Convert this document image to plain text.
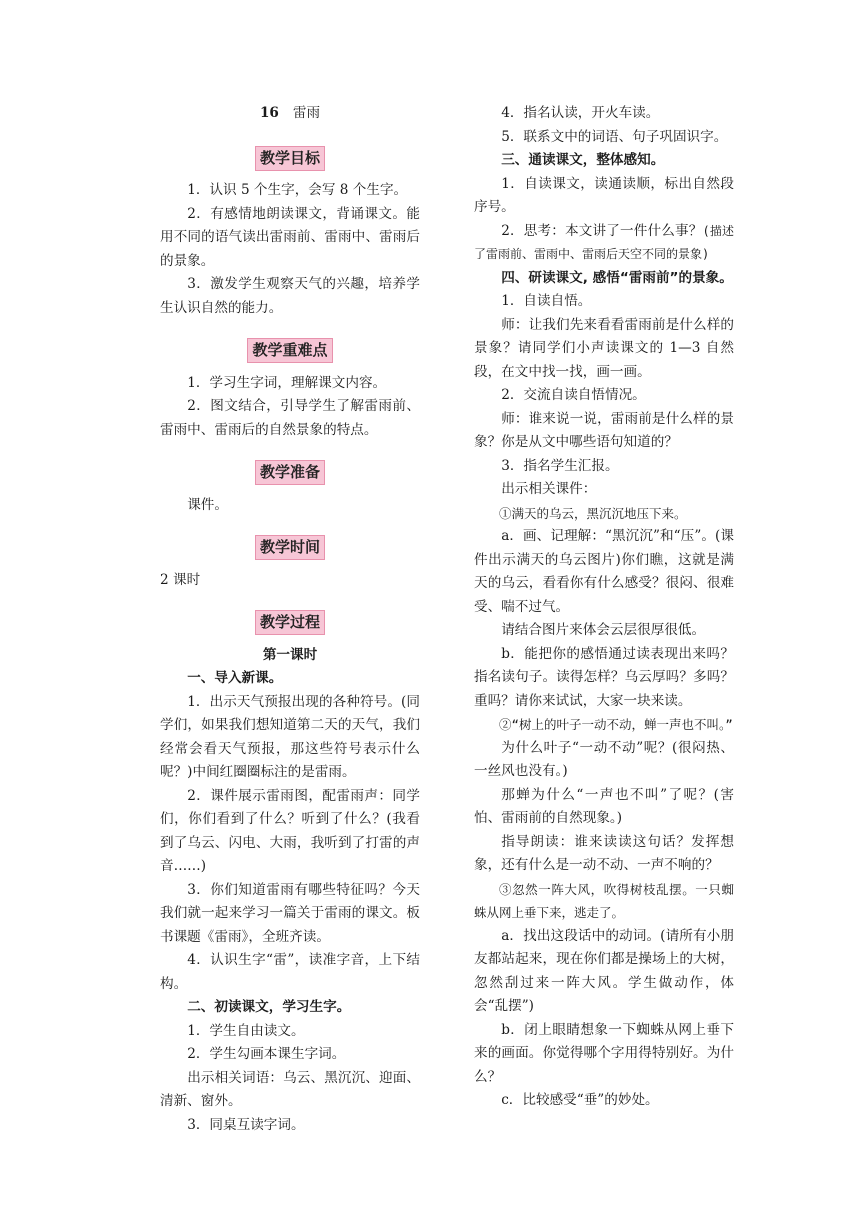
16 雷雨

教学目标

1．认识 5 个生字，会写 8 个生字。

2．有感情地朗读课文，背诵课文。能用不同的语气读出雷雨前、雷雨中、雷雨后的景象。

3．激发学生观察天气的兴趣，培养学生认识自然的能力。

教学重难点

1．学习生字词，理解课文内容。

2．图文结合，引导学生了解雷雨前、雷雨中、雷雨后的自然景象的特点。

教学准备

课件。

教学时间

2 课时

教学过程

第一课时

一、导入新课。

1．出示天气预报出现的各种符号。(同学们，如果我们想知道第二天的天气，我们经常会看天气预报，那这些符号表示什么呢？)中间红圈圈标注的是雷雨。

2．课件展示雷雨图，配雷雨声：同学们，你们看到了什么？听到了什么？(我看到了乌云、闪电、大雨，我听到了打雷的声音……)

3．你们知道雷雨有哪些特征吗？今天我们就一起来学习一篇关于雷雨的课文。板书课题《雷雨》，全班齐读。

4．认识生字“雷”，读准字音，上下结构。

二、初读课文，学习生字。

1．学生自由读文。

2．学生勾画本课生字词。

出示相关词语：乌云、黑沉沉、迎面、清新、窗外。

3．同桌互读字词。

4．指名认读，开火车读。

5．联系文中的词语、句子巩固识字。

三、通读课文，整体感知。

1．自读课文，读通读顺，标出自然段序号。

2．思考：本文讲了一件什么事？(描述了雷雨前、雷雨中、雷雨后天空不同的景象)

四、研读课文, 感悟“雷雨前”的景象。

1．自读自悟。

师：让我们先来看看雷雨前是什么样的景象？请同学们小声读课文的 1—3 自然段，在文中找一找，画一画。

2．交流自读自悟情况。

师：谁来说一说，雷雨前是什么样的景象？你是从文中哪些语句知道的？

3．指名学生汇报。

出示相关课件：

①满天的乌云，黑沉沉地压下来。

a．画、记理解：“黑沉沉”和“压”。(课件出示满天的乌云图片)你们瞧，这就是满天的乌云，看看你有什么感受？很闷、很难受、喘不过气。

请结合图片来体会云层很厚很低。

b．能把你的感悟通过读表现出来吗？指名读句子。读得怎样？乌云厚吗？多吗？重吗？请你来试试，大家一块来读。

②“树上的叶子一动不动，蝉一声也不叫。”

为什么叶子“一动不动”呢？(很闷热、一丝风也没有。)

那蝉为什么“一声也不叫”了呢？(害怕、雷雨前的自然现象。)

指导朗读：谁来读读这句话？发挥想象，还有什么是一动不动、一声不响的？

③忽然一阵大风，吹得树枝乱摆。一只蜘蛛从网上垂下来，逃走了。

a．找出这段话中的动词。(请所有小朋友都站起来，现在你们都是操场上的大树，忽然刮过来一阵大风。学生做动作，体会“乱摆”)

b．闭上眼睛想象一下蜘蛛从网上垂下来的画面。你觉得哪个字用得特别好。为什么？

c．比较感受“垂”的妙处。
